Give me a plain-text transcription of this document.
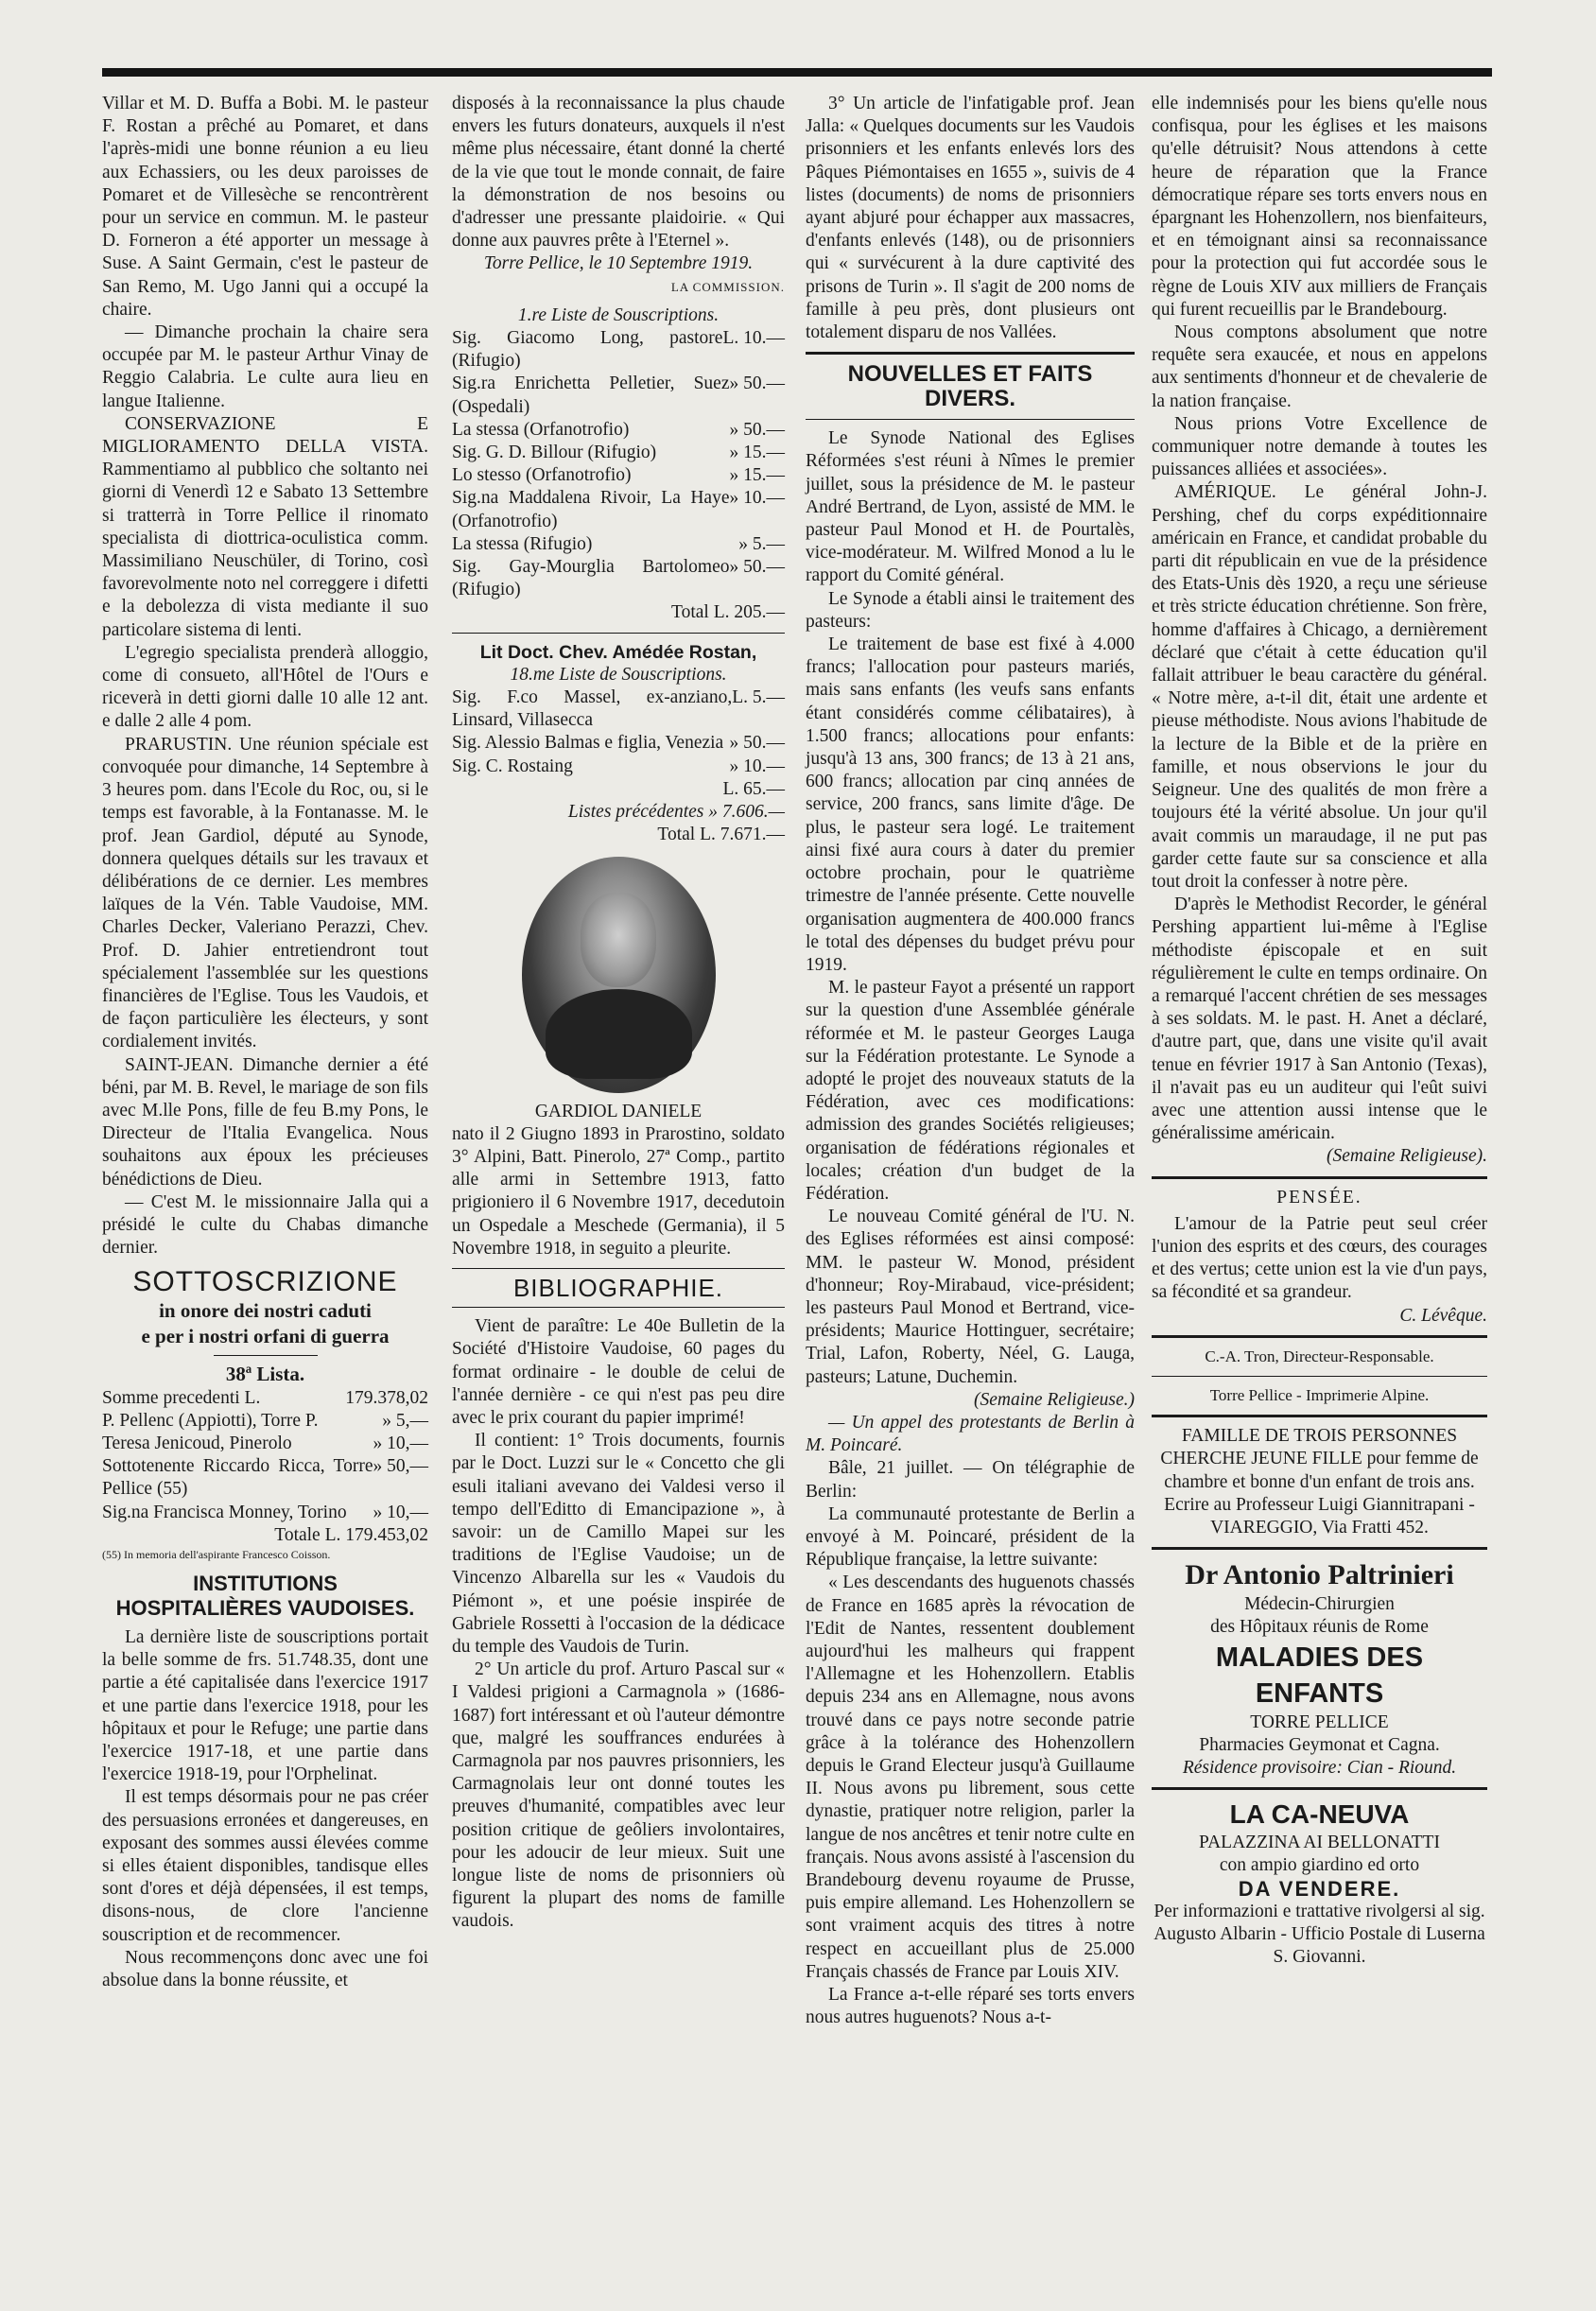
Villar et M. D. Buffa a Bobi. M. le pasteur F. Rostan a prêché au Pomaret, et dans l'après-midi une bonne réunion a eu lieu aux Echassiers, ou les deux paroisses de Pomaret et de Villesèche se rencontrèrent pour un service en commun. M. le pasteur D. Forneron a été apporter un message à Suse. A Saint Germain, c'est le pasteur de San Remo, M. Ugo Janni qui a occupé la chaire.

— Dimanche prochain la chaire sera occupée par M. le pasteur Arthur Vinay de Reggio Calabria. Le culte aura lieu en langue Italienne.

CONSERVAZIONE E MIGLIORAMENTO DELLA VISTA. Rammentiamo al pubblico che soltanto nei giorni di Venerdì 12 e Sabato 13 Settembre si tratterrà in Torre Pellice il rinomato specialista di diottrica-oculistica comm. Massimiliano Neuschüler, di Torino, così favorevolmente noto nel correggere i difetti e la debolezza di vista mediante il suo particolare sistema di lenti.

L'egregio specialista prenderà alloggio, come di consueto, all'Hôtel de l'Ours e riceverà in detti giorni dalle 10 alle 12 ant. e dalle 2 alle 4 pom.

PRARUSTIN. Une réunion spéciale est convoquée pour dimanche, 14 Septembre à 3 heures pom. dans l'Ecole du Roc, ou, si le temps est favorable, à la Fontanasse. M. le prof. Jean Gardiol, député au Synode, donnera quelques détails sur les travaux et délibérations de ce dernier. Les membres laïques de la Vén. Table Vaudoise, MM. Charles Decker, Valeriano Perazzi, Chev. Prof. D. Jahier entretiendront tout spécialement l'assemblée sur les questions financières de l'Eglise. Tous les Vaudois, et de façon particulière les électeurs, y sont cordialement invités.

SAINT-JEAN. Dimanche dernier a été béni, par M. B. Revel, le mariage de son fils avec M.lle Pons, fille de feu B.my Pons, le Directeur de l'Italia Evangelica. Nous souhaitons aux époux les précieuses bénédictions de Dieu.

— C'est M. le missionnaire Jalla qui a présidé le culte du Chabas dimanche dernier.

SOTTOSCRIZIONE
in onore dei nostri caduti
e per i nostri orfani di guerra
38ª Lista.
Somme precedenti L.	179.378,02
P. Pellenc (Appiotti), Torre P.	» 5,—
Teresa Jenicoud, Pinerolo	» 10,—
Sottotenente Riccardo Ricca, Torre Pellice (55)
» 50,—
Sig.na Francisca Monney, Torino	» 10,—
Totale L. 179.453,02
(55) In memoria dell'aspirante Francesco Coisson.
INSTITUTIONS
HOSPITALIÈRES VAUDOISES.

La dernière liste de souscriptions portait la belle somme de frs. 51.748.35, dont une partie a été capitalisée dans l'exercice 1917 et une partie dans l'exercice 1918, pour les hôpitaux et pour le Refuge; une partie dans l'exercice 1917-18, et une partie dans l'exercice 1918-19, pour l'Orphelinat.

Il est temps désormais pour ne pas créer des persuasions erronées et dangereuses, en exposant des sommes aussi élevées comme si elles étaient disponibles, tandisque elles sont d'ores et déjà dépensées, il est temps, disons-nous, de clore l'ancienne souscription et de recommencer.

Nous recommençons donc avec une foi absolue dans la bonne réussite, et

disposés à la reconnaissance la plus chaude envers les futurs donateurs, auxquels il n'est même plus nécessaire, étant donné la cherté de la vie que tout le monde connait, de faire la démonstration de nos besoins ou d'adresser une pressante plaidoirie. « Qui donne aux pauvres prête à l'Eternel ».

Torre Pellice, le 10 Septembre 1919.
LA COMMISSION.
1.re Liste de Souscriptions.
Sig. Giacomo Long, pastore (Rifugio)
L. 10.—
Sig.ra Enrichetta Pelletier, Suez (Ospedali)
» 50.—
La stessa (Orfanotrofio)	» 50.—
Sig. G. D. Billour (Rifugio)	» 15.—
Lo stesso (Orfanotrofio)	» 15.—
Sig.na Maddalena Rivoir, La Haye (Orfanotrofio)
» 10.—
La stessa (Rifugio)	» 5.—
Sig. Gay-Mourglia Bartolomeo (Rifugio)
» 50.—
Total L. 205.—
Lit Doct. Chev. Amédée Rostan,
18.me Liste de Souscriptions.
Sig. F.co Massel, ex-anziano, Linsard, Villasecca
L. 5.—
Sig. Alessio Balmas e figlia, Venezia » 50.—
Sig. C. Rostaing	» 10.—
L. 65.—
Listes précédentes » 7.606.—
Total L. 7.671.—
GARDIOL DANIELE

nato il 2 Giugno 1893 in Prarostino, soldato 3° Alpini, Batt. Pinerolo, 27ª Comp., partito alle armi in Settembre 1913, fatto prigioniero il 6 Novembre 1917, decedutoin un Ospedale a Meschede (Germania), il 5 Novembre 1918, in seguito a pleurite.

BIBLIOGRAPHIE.

Vient de paraître: Le 40e Bulletin de la Société d'Histoire Vaudoise, 60 pages du format ordinaire - le double de celui de l'année dernière - ce qui n'est pas peu dire avec le prix courant du papier imprimé!

Il contient: 1° Trois documents, fournis par le Doct. Luzzi sur le « Concetto che gli esuli italiani avevano dei Valdesi verso il tempo dell'Editto di Emancipazione », à savoir: un de Camillo Mapei sur les traditions de l'Eglise Vaudoise; un de Vincenzo Albarella sur les « Vaudois du Piémont », et une poésie inspirée de Gabriele Rossetti à l'occasion de la dédicace du temple des Vaudois de Turin.

2° Un article du prof. Arturo Pascal sur « I Valdesi prigioni a Carmagnola » (1686-1687) fort intéressant et où l'auteur démontre que, malgré les souffrances endurées à Carmagnola par nos pauvres prisonniers, les Carmagnolais leur ont donné toutes les preuves d'humanité, compatibles avec leur position critique de geôliers involontaires, pour les adoucir de leur mieux. Suit une longue liste de noms de prisonniers où figurent la plupart des noms de famille vaudois.

3° Un article de l'infatigable prof. Jean Jalla: « Quelques documents sur les Vaudois prisonniers et les enfants enlevés lors des Pâques Piémontaises en 1655 », suivis de 4 listes (documents) de noms de prisonniers ayant abjuré pour échapper aux massacres, d'enfants enlevés (148), ou de prisonniers qui « survécurent à la dure captivité des prisons de Turin ». Il s'agit de 200 noms de famille à peu près, dont plusieurs ont totalement disparu de nos Vallées.

NOUVELLES ET FAITS DIVERS.

Le Synode National des Eglises Réformées s'est réuni à Nîmes le premier juillet, sous la présidence de M. le pasteur André Bertrand, de Lyon, assisté de MM. le pasteur Paul Monod et H. de Pourtalès, vice-modérateur. M. Wilfred Monod a lu le rapport du Comité général.

Le Synode a établi ainsi le traitement des pasteurs:

Le traitement de base est fixé à 4.000 francs; l'allocation pour pasteurs mariés, mais sans enfants (les veufs sans enfants étant considérés comme célibataires), à 1.500 francs; allocations pour enfants: jusqu'à 13 ans, 300 francs; de 13 à 21 ans, 600 francs; allocation par cinq années de service, 200 francs, sans limite d'âge. De plus, le pasteur sera logé. Le traitement ainsi fixé aura cours à dater du premier octobre prochain, pour le quatrième trimestre de l'année présente. Cette nouvelle organisation augmentera de 400.000 francs le total des dépenses du budget prévu pour 1919.

M. le pasteur Fayot a présenté un rapport sur la question d'une Assemblée générale réformée et M. le pasteur Georges Lauga sur la Fédération protestante. Le Synode a adopté le projet des nouveaux statuts de la Fédération, avec ces modifications: admission des grandes Sociétés religieuses; organisation de fédérations régionales et locales; création d'un budget de la Fédération.

Le nouveau Comité général de l'U. N. des Eglises réformées est ainsi composé: MM. le pasteur W. Monod, président d'honneur; Roy-Mirabaud, vice-président; les pasteurs Paul Monod et Bertrand, vice-présidents; Maurice Hottinguer, secrétaire; Trial, Lafon, Roberty, Néel, G. Lauga, pasteurs; Latune, Duchemin.

(Semaine Religieuse.)

— Un appel des protestants de Berlin à M. Poincaré.

Bâle, 21 juillet. — On télégraphie de Berlin:

La communauté protestante de Berlin a envoyé à M. Poincaré, président de la République française, la lettre suivante:

« Les descendants des huguenots chassés de France en 1685 après la révocation de l'Edit de Nantes, ressentent doublement aujourd'hui les malheurs qui frappent l'Allemagne et les Hohenzollern. Etablis depuis 234 ans en Allemagne, nous avons trouvé dans ce pays notre seconde patrie grâce à la tolérance des Hohenzollern depuis le Grand Electeur jusqu'à Guillaume II. Nous avons pu librement, sous cette dynastie, pratiquer notre religion, parler la langue de nos ancêtres et tenir notre culte en français. Nous avons assisté à l'ascension du Brandebourg devenu royaume de Prusse, puis empire allemand. Les Hohenzollern se sont vraiment acquis des titres à notre respect en accueillant plus de 25.000 Français chassés de France par Louis XIV.

La France a-t-elle réparé ses torts envers nous autres huguenots? Nous a-t-

elle indemnisés pour les biens qu'elle nous confisqua, pour les églises et les maisons qu'elle détruisit? Nous attendons à cette heure de réparation que la France démocratique répare ses torts envers nous en épargnant les Hohenzollern, nos bienfaiteurs, et en témoignant ainsi sa reconnaissance pour la protection qui fut accordée sous le règne de Louis XIV aux milliers de Français qui furent recueillis par le Brandebourg.

Nous comptons absolument que notre requête sera exaucée, et nous en appelons aux sentiments d'honneur et de chevalerie de la nation française.

Nous prions Votre Excellence de communiquer notre demande à toutes les puissances alliées et associées».

AMÉRIQUE. Le général John-J. Pershing, chef du corps expéditionnaire américain en France, et candidat probable du parti dit républicain en vue de la présidence des Etats-Unis dès 1920, a reçu une sérieuse et très stricte éducation chrétienne. Son frère, homme d'affaires à Chicago, a dernièrement déclaré que c'était à cette éducation qu'il fallait attribuer le beau caractère du général. « Notre mère, a-t-il dit, était une ardente et pieuse méthodiste. Nous avions l'habitude de la lecture de la Bible et de la prière en famille, et nous observions le jour du Seigneur. Une des qualités de mon frère a toujours été la vérité absolue. Un jour qu'il avait commis un maraudage, il ne put pas garder cette faute sur sa conscience et alla tout droit la confesser à notre père.

D'après le Methodist Recorder, le général Pershing appartient lui-même à l'Eglise méthodiste épiscopale et en suit régulièrement le culte en temps ordinaire. On a remarqué l'accent chrétien de ses messages à ses soldats. M. le past. H. Anet a déclaré, d'autre part, que, dans une visite qu'il avait tenue en février 1917 à San Antonio (Texas), il n'avait pas eu un auditeur qui l'eût suivi avec une attention aussi intense que le généralissime américain.

(Semaine Religieuse).
PENSÉE.

L'amour de la Patrie peut seul créer l'union des esprits et des cœurs, des courages et des vertus; cette union est la vie d'un pays, sa fécondité et sa grandeur.

C. Lévêque.
C.-A. Tron, Directeur-Responsable.
Torre Pellice - Imprimerie Alpine.
FAMILLE DE TROIS PERSONNES CHERCHE JEUNE FILLE pour femme de chambre et bonne d'un enfant de trois ans.
Ecrire au Professeur Luigi Giannitrapani - VIAREGGIO, Via Fratti 452.
Dr Antonio Paltrinieri
Médecin-Chirurgien
des Hôpitaux réunis de Rome
MALADIES DES ENFANTS
TORRE PELLICE
Pharmacies Geymonat et Cagna.
Résidence provisoire: Cian - Riound.
LA CA-NEUVA
PALAZZINA AI BELLONATTI
con ampio giardino ed orto
DA VENDERE.
Per informazioni e trattative rivolgersi al sig. Augusto Albarin - Ufficio Postale di Luserna S. Giovanni.
